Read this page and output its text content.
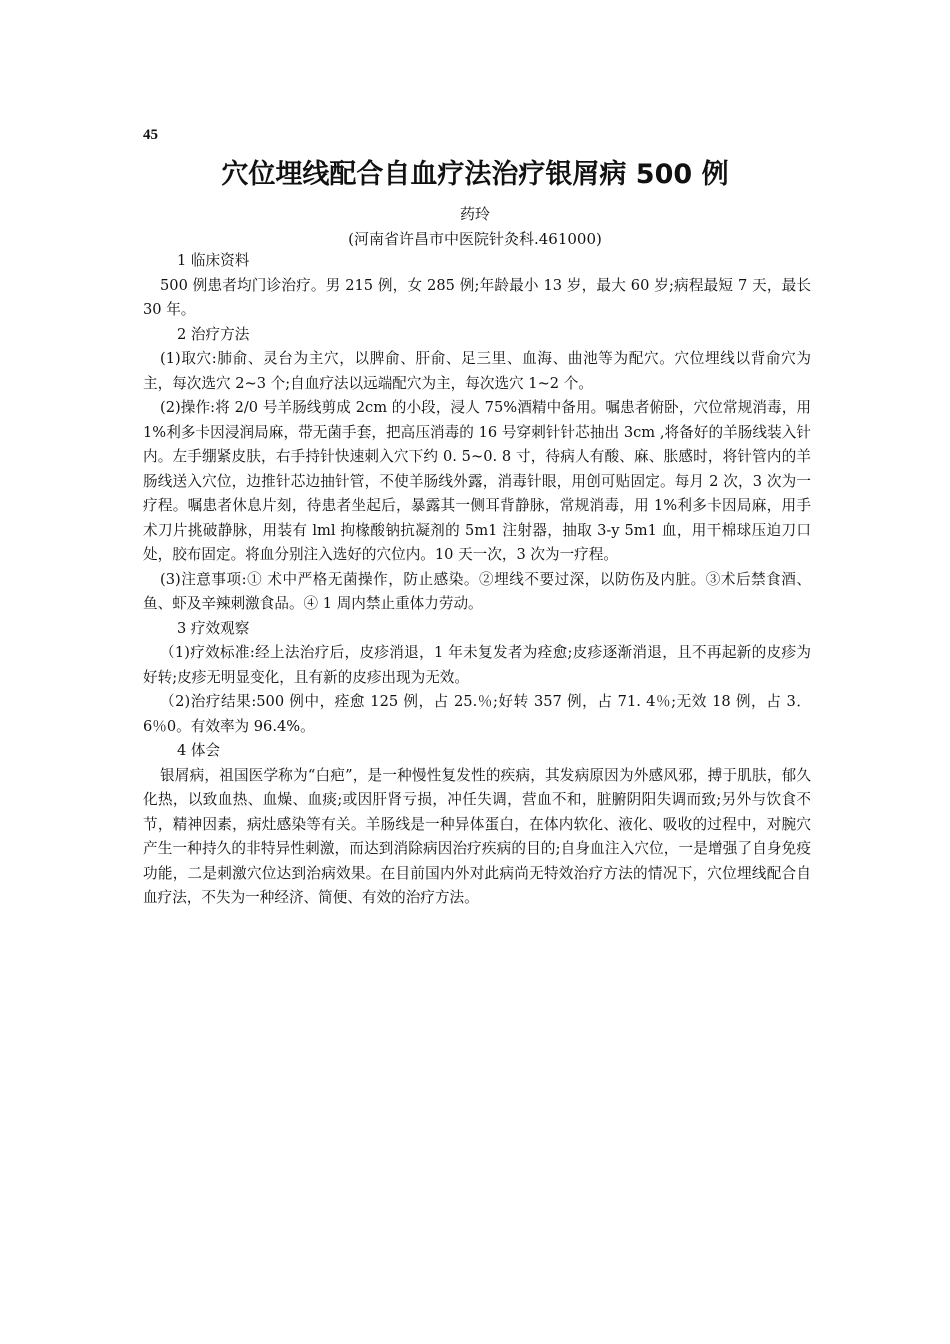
45
穴位埋线配合自血疗法治疗银屑病 500 例
药玲
(河南省许昌市中医院针灸科.461000)

1 临床资料

500 例患者均门诊治疗。男 215 例，女 285 例;年龄最小 13 岁，最大 60 岁;病程最短 7 天，最长 30 年。

2 治疗方法

(1)取穴:肺俞、灵台为主穴，以脾俞、肝俞、足三里、血海、曲池等为配穴。穴位埋线以背俞穴为主，每次选穴 2~3 个;自血疗法以远端配穴为主，每次选穴 1~2 个。

(2)操作:将 2/0 号羊肠线剪成 2cm 的小段，浸人 75%酒精中备用。嘱患者俯卧，穴位常规消毒，用 1%利多卡因浸润局麻，带无菌手套，把高压消毒的 16 号穿刺针针芯抽出 3cm ,将备好的羊肠线装入针内。左手绷紧皮肤，右手持针快速刺入穴下约 0. 5~0. 8 寸，待病人有酸、麻、胀感时，将针管内的羊肠线送入穴位，边推针芯边抽针管，不使羊肠线外露，消毒针眼，用创可贴固定。每月 2 次，3 次为一疗程。嘱患者休息片刻，待患者坐起后，暴露其一侧耳背静脉，常规消毒，用 1%利多卡因局麻，用手术刀片挑破静脉，用装有 lml 拘椽酸钠抗凝剂的 5m1 注射器，抽取 3-y 5m1 血，用干棉球压迫刀口处，胶布固定。将血分别注入选好的穴位内。10 天一次，3 次为一疗程。

(3)注意事项:① 术中严格无菌操作，防止感染。②埋线不要过深，以防伤及内脏。③术后禁食酒、鱼、虾及辛辣刺激食品。④ 1 周内禁止重体力劳动。

3 疗效观察

（1)疗效标准:经上法治疗后，皮疹消退，1 年未复发者为痊愈;皮疹逐渐消退，且不再起新的皮疹为好转;皮疹无明显变化，且有新的皮疹出现为无效。

（2)治疗结果:500 例中，痊愈 125 例，占 25.％;好转 357 例，占 71. 4％;无效 18 例，占 3．6％0。有效率为 96.4%。

4 体会

银屑病，祖国医学称为“白疤”，是一种慢性复发性的疾病，其发病原因为外感风邪，搏于肌肤，郁久化热，以致血热、血燥、血痰;或因肝肾亏损，冲任失调，营血不和，脏腑阴阳失调而致;另外与饮食不节，精神因素，病灶感染等有关。羊肠线是一种异体蛋白，在体内软化、液化、吸收的过程中，对腕穴产生一种持久的非特异性刺激，而达到消除病因治疗疾病的目的;自身血注入穴位，一是增强了自身免疫功能，二是刺激穴位达到治病效果。在目前国内外对此病尚无特效治疗方法的情况下，穴位埋线配合自血疗法，不失为一种经济、简便、有效的治疗方法。
